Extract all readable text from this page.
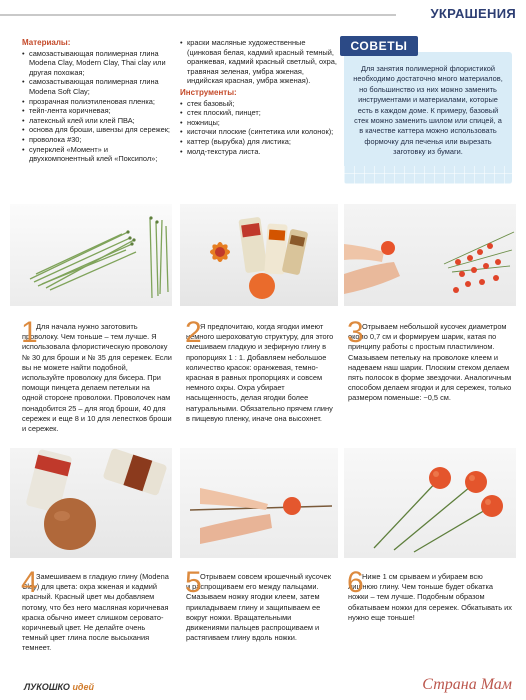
УКРАШЕНИЯ
Материалы:
• самозастывающая полимерная глина Modena Clay, Modern Clay, Thai clay или другая похожая;
• самозастывающая полимерная глина Modena Soft Clay;
• прозрачная полиэтиленовая пленка;
• тейп-лента коричневая;
• латексный клей или клей ПВА;
• основа для броши, швензы для сережек;
• проволока #30;
• суперклей «Момент» и двухкомпонентный клей «Поксипол»;
• краски масляные художественные (цинковая белая, кадмий красный темный, оранжевая, кадмий красный светлый, охра, травяная зеленая, умбра жженая, индийская красная, умбра жженая).
Инструменты:
• стек базовый;
• стек плоский, пинцет;
• ножницы;
• кисточки плоские (синтетика или колонок);
• каттер (вырубка) для листика;
• молд-текстура листа.
Для занятия полимерной флористикой необходимо достаточно много материалов, но большинство из них можно заменить инструментами и материалами, которые есть в каждом доме. К примеру, базовый стек можно заменить шилом или спицей, а в качестве каттера можно использовать формочку для печенья или вырезать заготовку из бумаги.
СОВЕТЫ
1
Для начала нужно заготовить проволоку. Чем тоньше – тем лучше. Я использовала флористическую проволоку № 30 для броши и № 35 для сережек. Если вы не можете найти подобной, используйте проволоку для бисера. При помощи пинцета делаем петельки на одной стороне проволоки. Проволочек нам понадобится 25 – для ягод броши, 40 для сережек и еще 8 и 10 для лепестков броши и сережек.
2
Я предпочитаю, когда ягодки имеют немного шероховатую структуру, для этого смешиваем гладкую и зефирную глину в пропорциях 1 : 1. Добавляем небольшое количество красок: оранжевая, темно-красная в равных пропорциях и совсем немного охры. Охра убирает насыщенность, делая ягодки более натуральными. Обязательно прячем глину в пищевую пленку, иначе она высохнет.
3
Отрываем небольшой кусочек диаметром около 0,7 см и формируем шарик, катая по принципу работы с простым пластилином. Смазываем петельку на проволоке клеем и надеваем наш шарик. Плоским стеком делаем пять полосок в форме звездочки. Аналогичным способом делаем ягодки и для сережек, только размером поменьше: ~0,5 см.
4
Замешиваем в гладкую глину (Modena Clay) для цвета: охра жженая и кадмий красный. Красный цвет мы добавляем потому, что без него масляная коричневая краска обычно имеет слишком серовато-коричневый цвет. Не делайте очень темный цвет глина после высыхания темнеет.
5
Отрываем совсем крошечный кусочек и распрощиваем его между пальцами. Смазываем ножку ягодки клеем, затем прикладываем глину и защипываем ее вокруг ножки. Вращательными движениями пальцев распрощиваем и растягиваем глину вдоль ножки.
6
Ниже 1 см срываем и убираем всю лишнюю глину. Чем тоньше будет обкатка ножки – тем лучше. Подобным образом обкатываем ножки для сережек. Обкатывать их нужно еще тоньше!
ЛУКОШКО идей	Страна Мам
